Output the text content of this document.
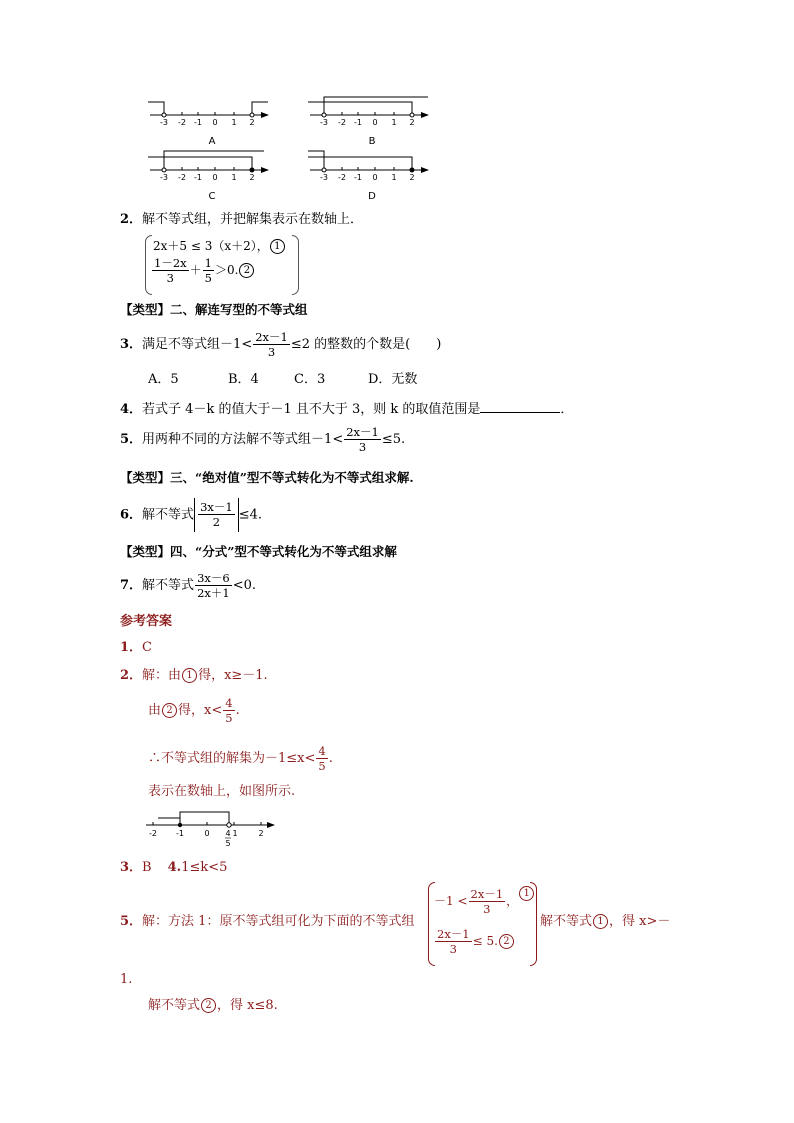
-3 -2 -1 0 1 2
A
-3 -2 -1 0 1 2
B
-3 -2 -1 0 1 2
C
-3 -2 -1 0 1 2
D
2．解不等式组，并把解集表示在数轴上．
2x＋5 ≤ 3（x＋2）， 1
$\frac{1-2x}{3} + \frac{1}{5} >0$. 2
【类型】二、解连写型的不等式组
3．满足不等式组$-1< \frac{2x-1}{3} \le 2$ 的整数的个数是(　　)
A．5	B．4	C．3	D．无数
4．若式子 4－k 的值大于－1 且不大于 3，则 k 的取值范围是	．
5．用两种不同的方法解不等式组$-1< \frac{2x-1}{3} \le 5$.
【类型】三、“绝对值”型不等式转化为不等式组求解.
6．解不等式 $\frac{3x-1}{2} \le 4$.
【类型】四、“分式”型不等式转化为不等式组求解
7．解不等式 $\frac{3x-6}{2x+1} <0$.
参考答案
1．C
2．解：由 1 得，x≥－1.
由 2 得，$x< \frac{4}{5}$ .
∴不等式组的解集为$-1\le x< \frac{4}{5}$ .
表示在数轴上，如图所示.
-2 -1	0	1	2
4
5
3．B 4.1≤k<5
5．解：方法 1：原不等式组可化为下面的不等式组
$-1 < \frac{2x-1}{3}$ ，1
$\frac{2x-1}{3} \le 5$. 2
解不等式 1 ，得 x>－
1.
解不等式 2 ，得 x≤8.
